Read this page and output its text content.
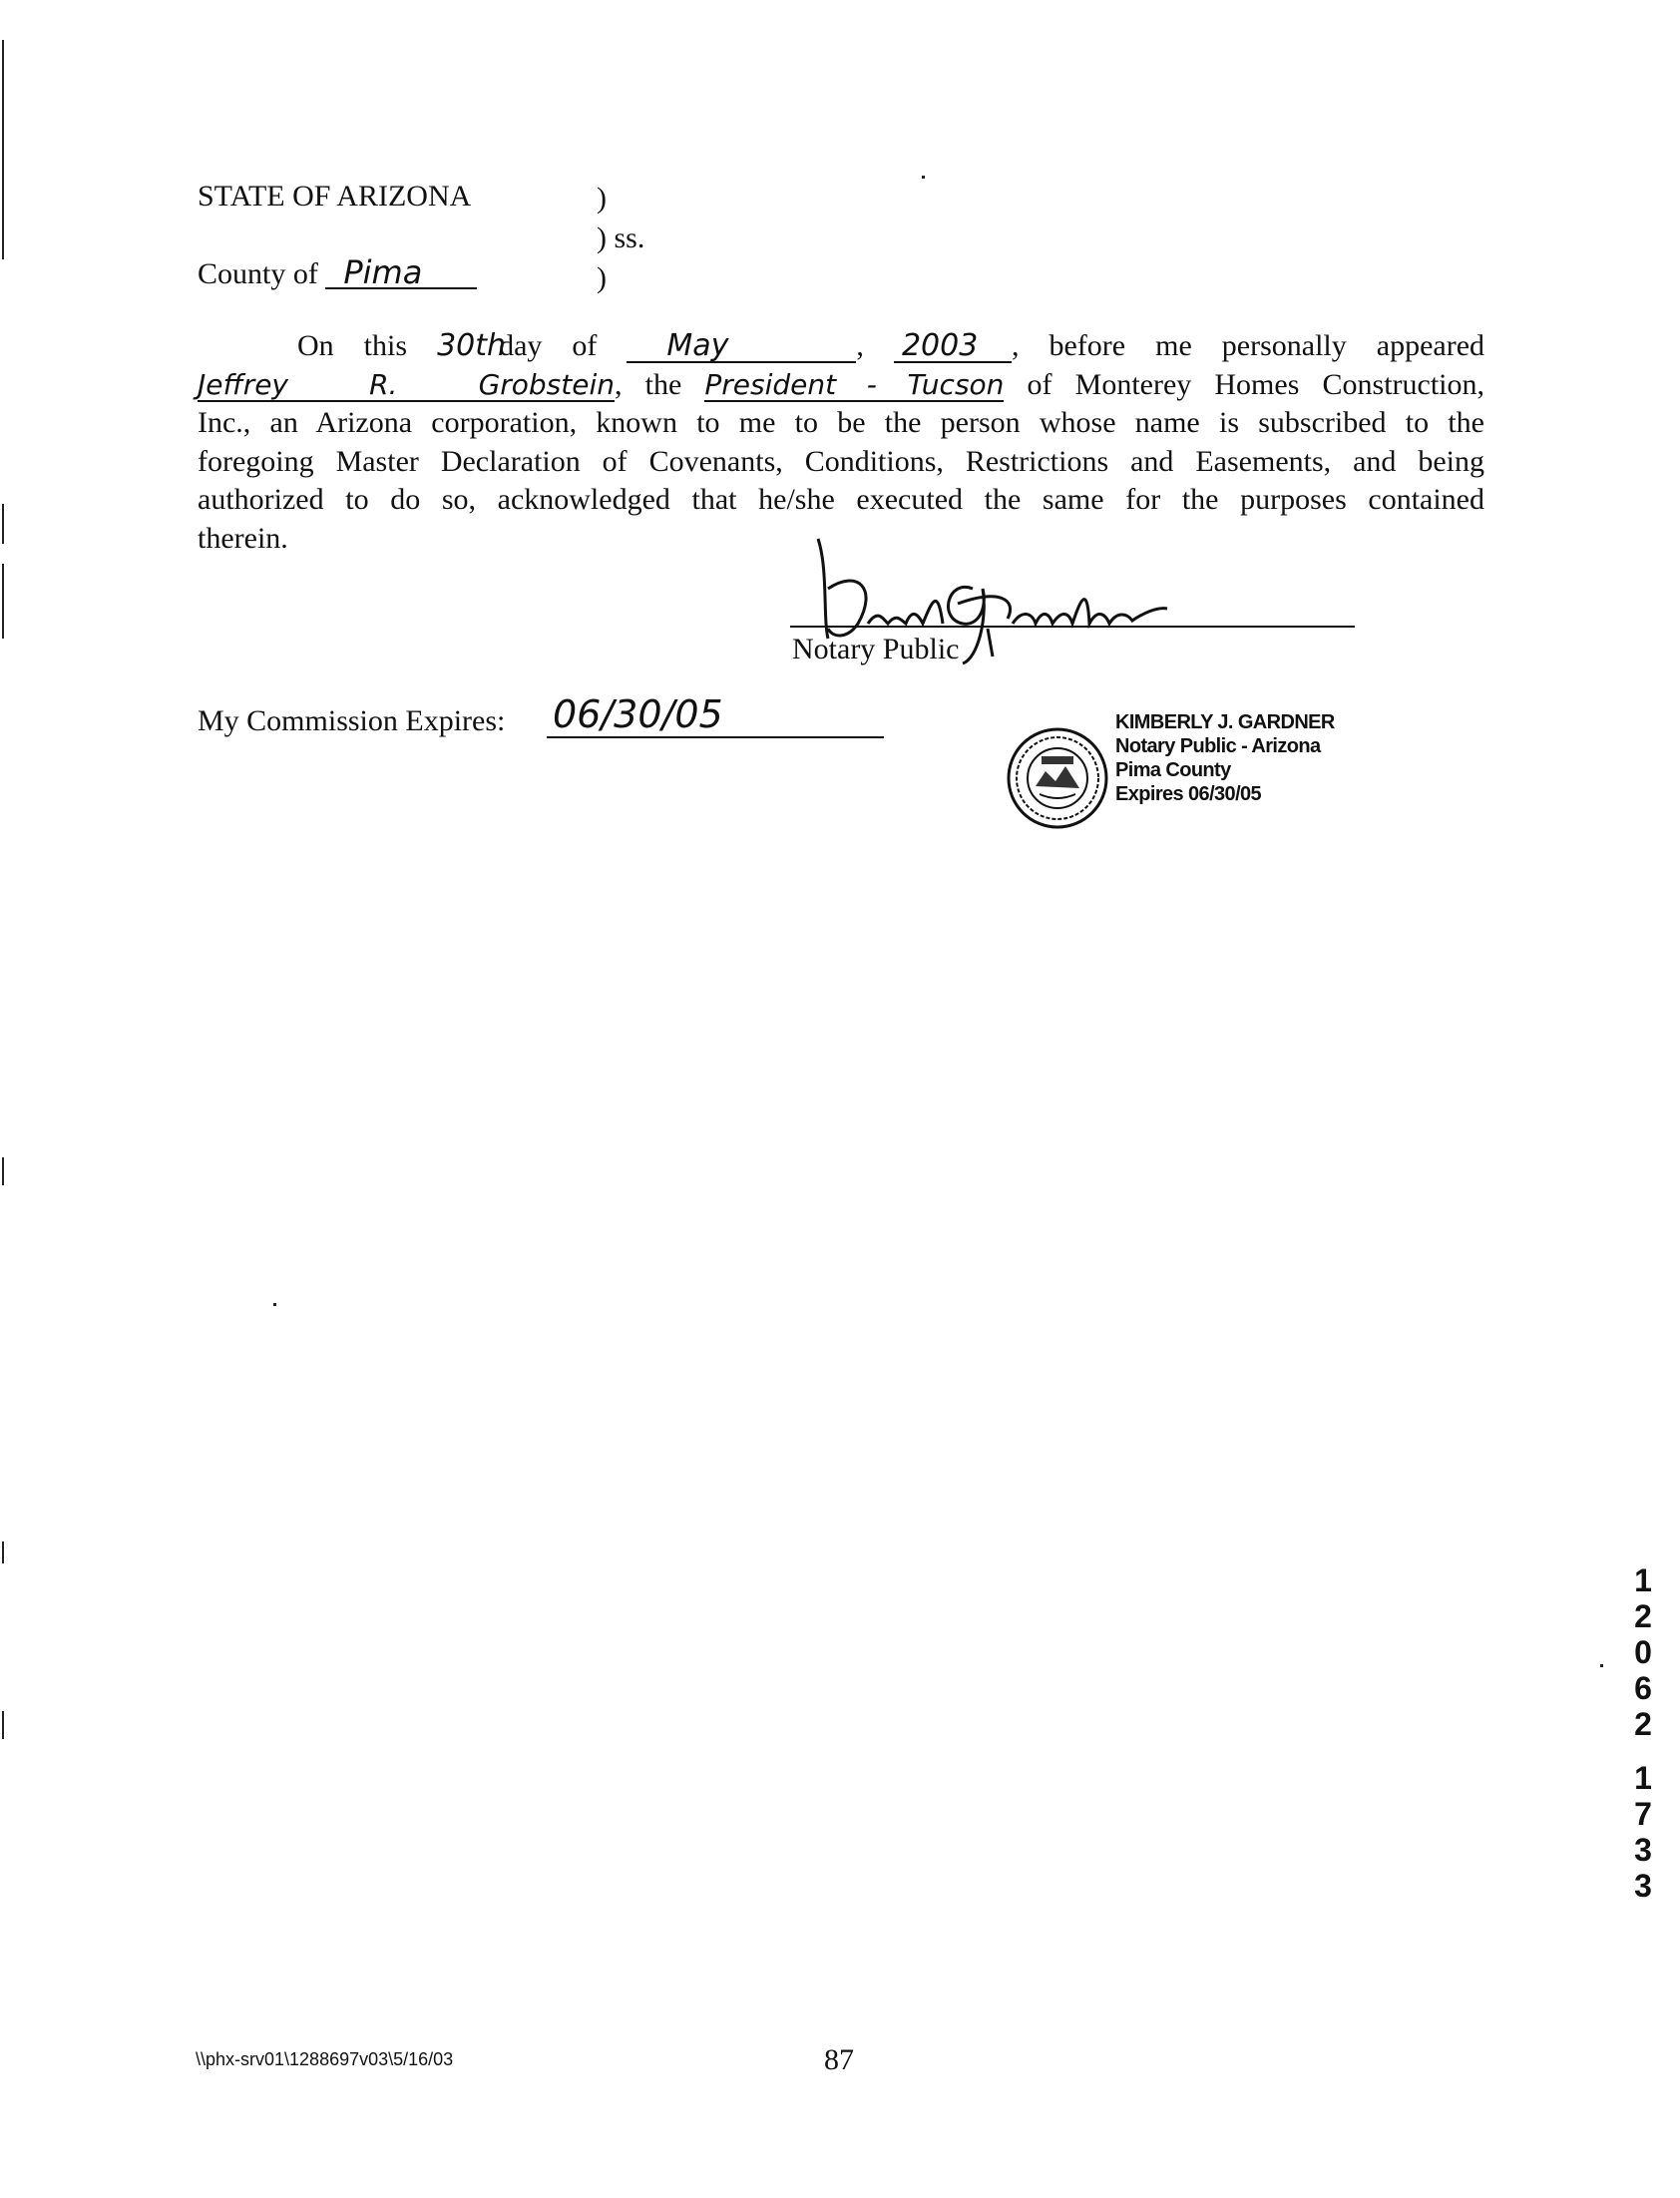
STATE OF ARIZONA	)
) ss.
)
County of Pima
On this 30thday of May	, 2003 , before me personally appeared
Jeffrey R. Grobstein, the President - Tucson of Monterey Homes Construction,
Inc., an Arizona corporation, known to me to be the person whose name is subscribed to the
foregoing Master Declaration of Covenants, Conditions, Restrictions and Easements, and being
authorized to do so, acknowledged that he/she executed the same for the purposes contained
therein.
Notary Public
My Commission Expires: 06/30/05	KIMBERLY J. GARDNER
Notary Public - Arizona
Pima County
Expires 06/30/05
1
2
0
6
2
1
7
3
3
\\phx-srv01\1288697v03\5/16/03	87
